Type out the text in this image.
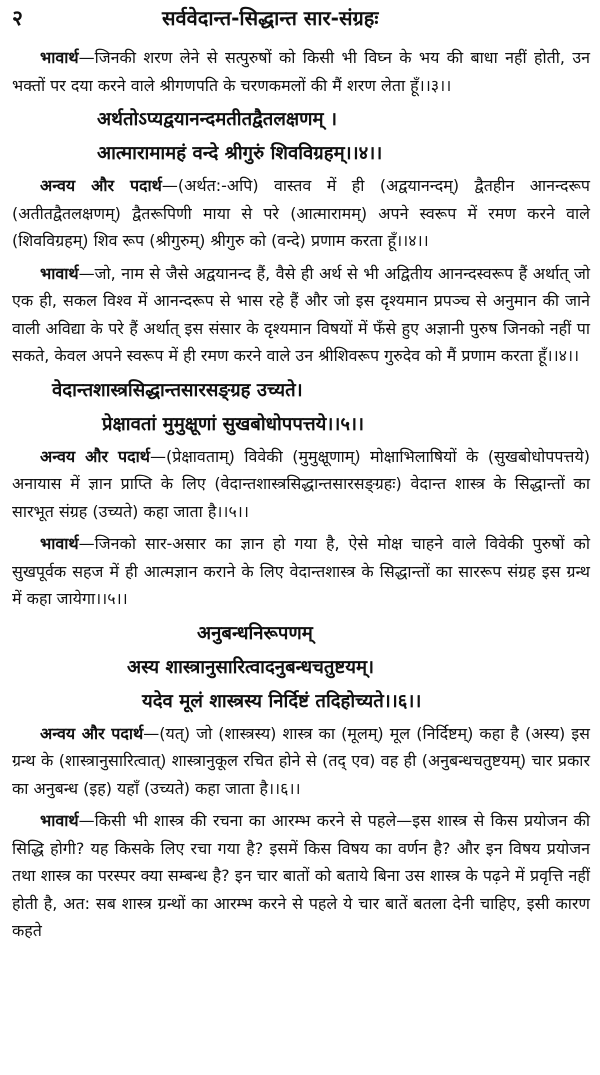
२	सर्ववेदान्त-सिद्धान्त सार-संग्रहः

भावार्थ—जिनकी शरण लेने से सत्पुरुषों को किसी भी विघ्न के भय की बाधा नहीं होती, उन भक्तों पर दया करने वाले श्रीगणपति के चरणकमलों की मैं शरण लेता हूँ।।३।।

अर्थतोऽप्यद्वयानन्दमतीतद्वैतलक्षणम् ।
आत्मारामामहं वन्दे श्रीगुरुं शिवविग्रहम्।।४।।

अन्वय और पदार्थ—(अर्थत:-अपि) वास्तव में ही (अद्वयानन्दम्) द्वैतहीन आनन्दरूप (अतीतद्वैतलक्षणम्) द्वैतरूपिणी माया से परे (आत्मारामम्) अपने स्वरूप में रमण करने वाले (शिवविग्रहम्) शिव रूप (श्रीगुरुम्) श्रीगुरु को (वन्दे) प्रणाम करता हूँ।।४।।

भावार्थ—जो, नाम से जैसे अद्वयानन्द हैं, वैसे ही अर्थ से भी अद्वितीय आनन्दस्वरूप हैं अर्थात् जो एक ही, सकल विश्व में आनन्दरूप से भास रहे हैं और जो इस दृश्यमान प्रपञ्च से अनुमान की जाने वाली अविद्या के परे हैं अर्थात् इस संसार के दृश्यमान विषयों में फँसे हुए अज्ञानी पुरुष जिनको नहीं पा सकते, केवल अपने स्वरूप में ही रमण करने वाले उन श्रीशिवरूप गुरुदेव को मैं प्रणाम करता हूँ।।४।।

वेदान्तशास्त्रसिद्धान्तसारसङ्ग्रह उच्यते।
प्रेक्षावतां मुमुक्षूणां सुखबोधोपपत्तये।।५।।

अन्वय और पदार्थ—(प्रेक्षावताम्) विवेकी (मुमुक्षूणाम्) मोक्षाभिलाषियों के (सुखबोधोपपत्तये) अनायास में ज्ञान प्राप्ति के लिए (वेदान्तशास्त्रसिद्धान्तसारसङ्ग्रहः) वेदान्त शास्त्र के सिद्धान्तों का सारभूत संग्रह (उच्यते) कहा जाता है।।५।।

भावार्थ—जिनको सार-असार का ज्ञान हो गया है, ऐसे मोक्ष चाहने वाले विवेकी पुरुषों को सुखपूर्वक सहज में ही आत्मज्ञान कराने के लिए वेदान्तशास्त्र के सिद्धान्तों का साररूप संग्रह इस ग्रन्थ में कहा जायेगा।।५।।

अनुबन्धनिरूपणम्
अस्य शास्त्रानुसारित्वादनुबन्धचतुष्टयम्।
यदेव मूलं शास्त्रस्य निर्दिष्टं तदिहोच्यते।।६।।

अन्वय और पदार्थ—(यत्) जो (शास्त्रस्य) शास्त्र का (मूलम्) मूल (निर्दिष्टम्) कहा है (अस्य) इस ग्रन्थ के (शास्त्रानुसारित्वात्) शास्त्रानुकूल रचित होने से (तद् एव) वह ही (अनुबन्धचतुष्टयम्) चार प्रकार का अनुबन्ध (इह) यहाँ (उच्यते) कहा जाता है।।६।।

भावार्थ—किसी भी शास्त्र की रचना का आरम्भ करने से पहले—इस शास्त्र से किस प्रयोजन की सिद्धि होगी? यह किसके लिए रचा गया है? इसमें किस विषय का वर्णन है? और इन विषय प्रयोजन तथा शास्त्र का परस्पर क्या सम्बन्ध है? इन चार बातों को बताये बिना उस शास्त्र के पढ़ने में प्रवृत्ति नहीं होती है, अत: सब शास्त्र ग्रन्थों का आरम्भ करने से पहले ये चार बातें बतला देनी चाहिए, इसी कारण कहते
